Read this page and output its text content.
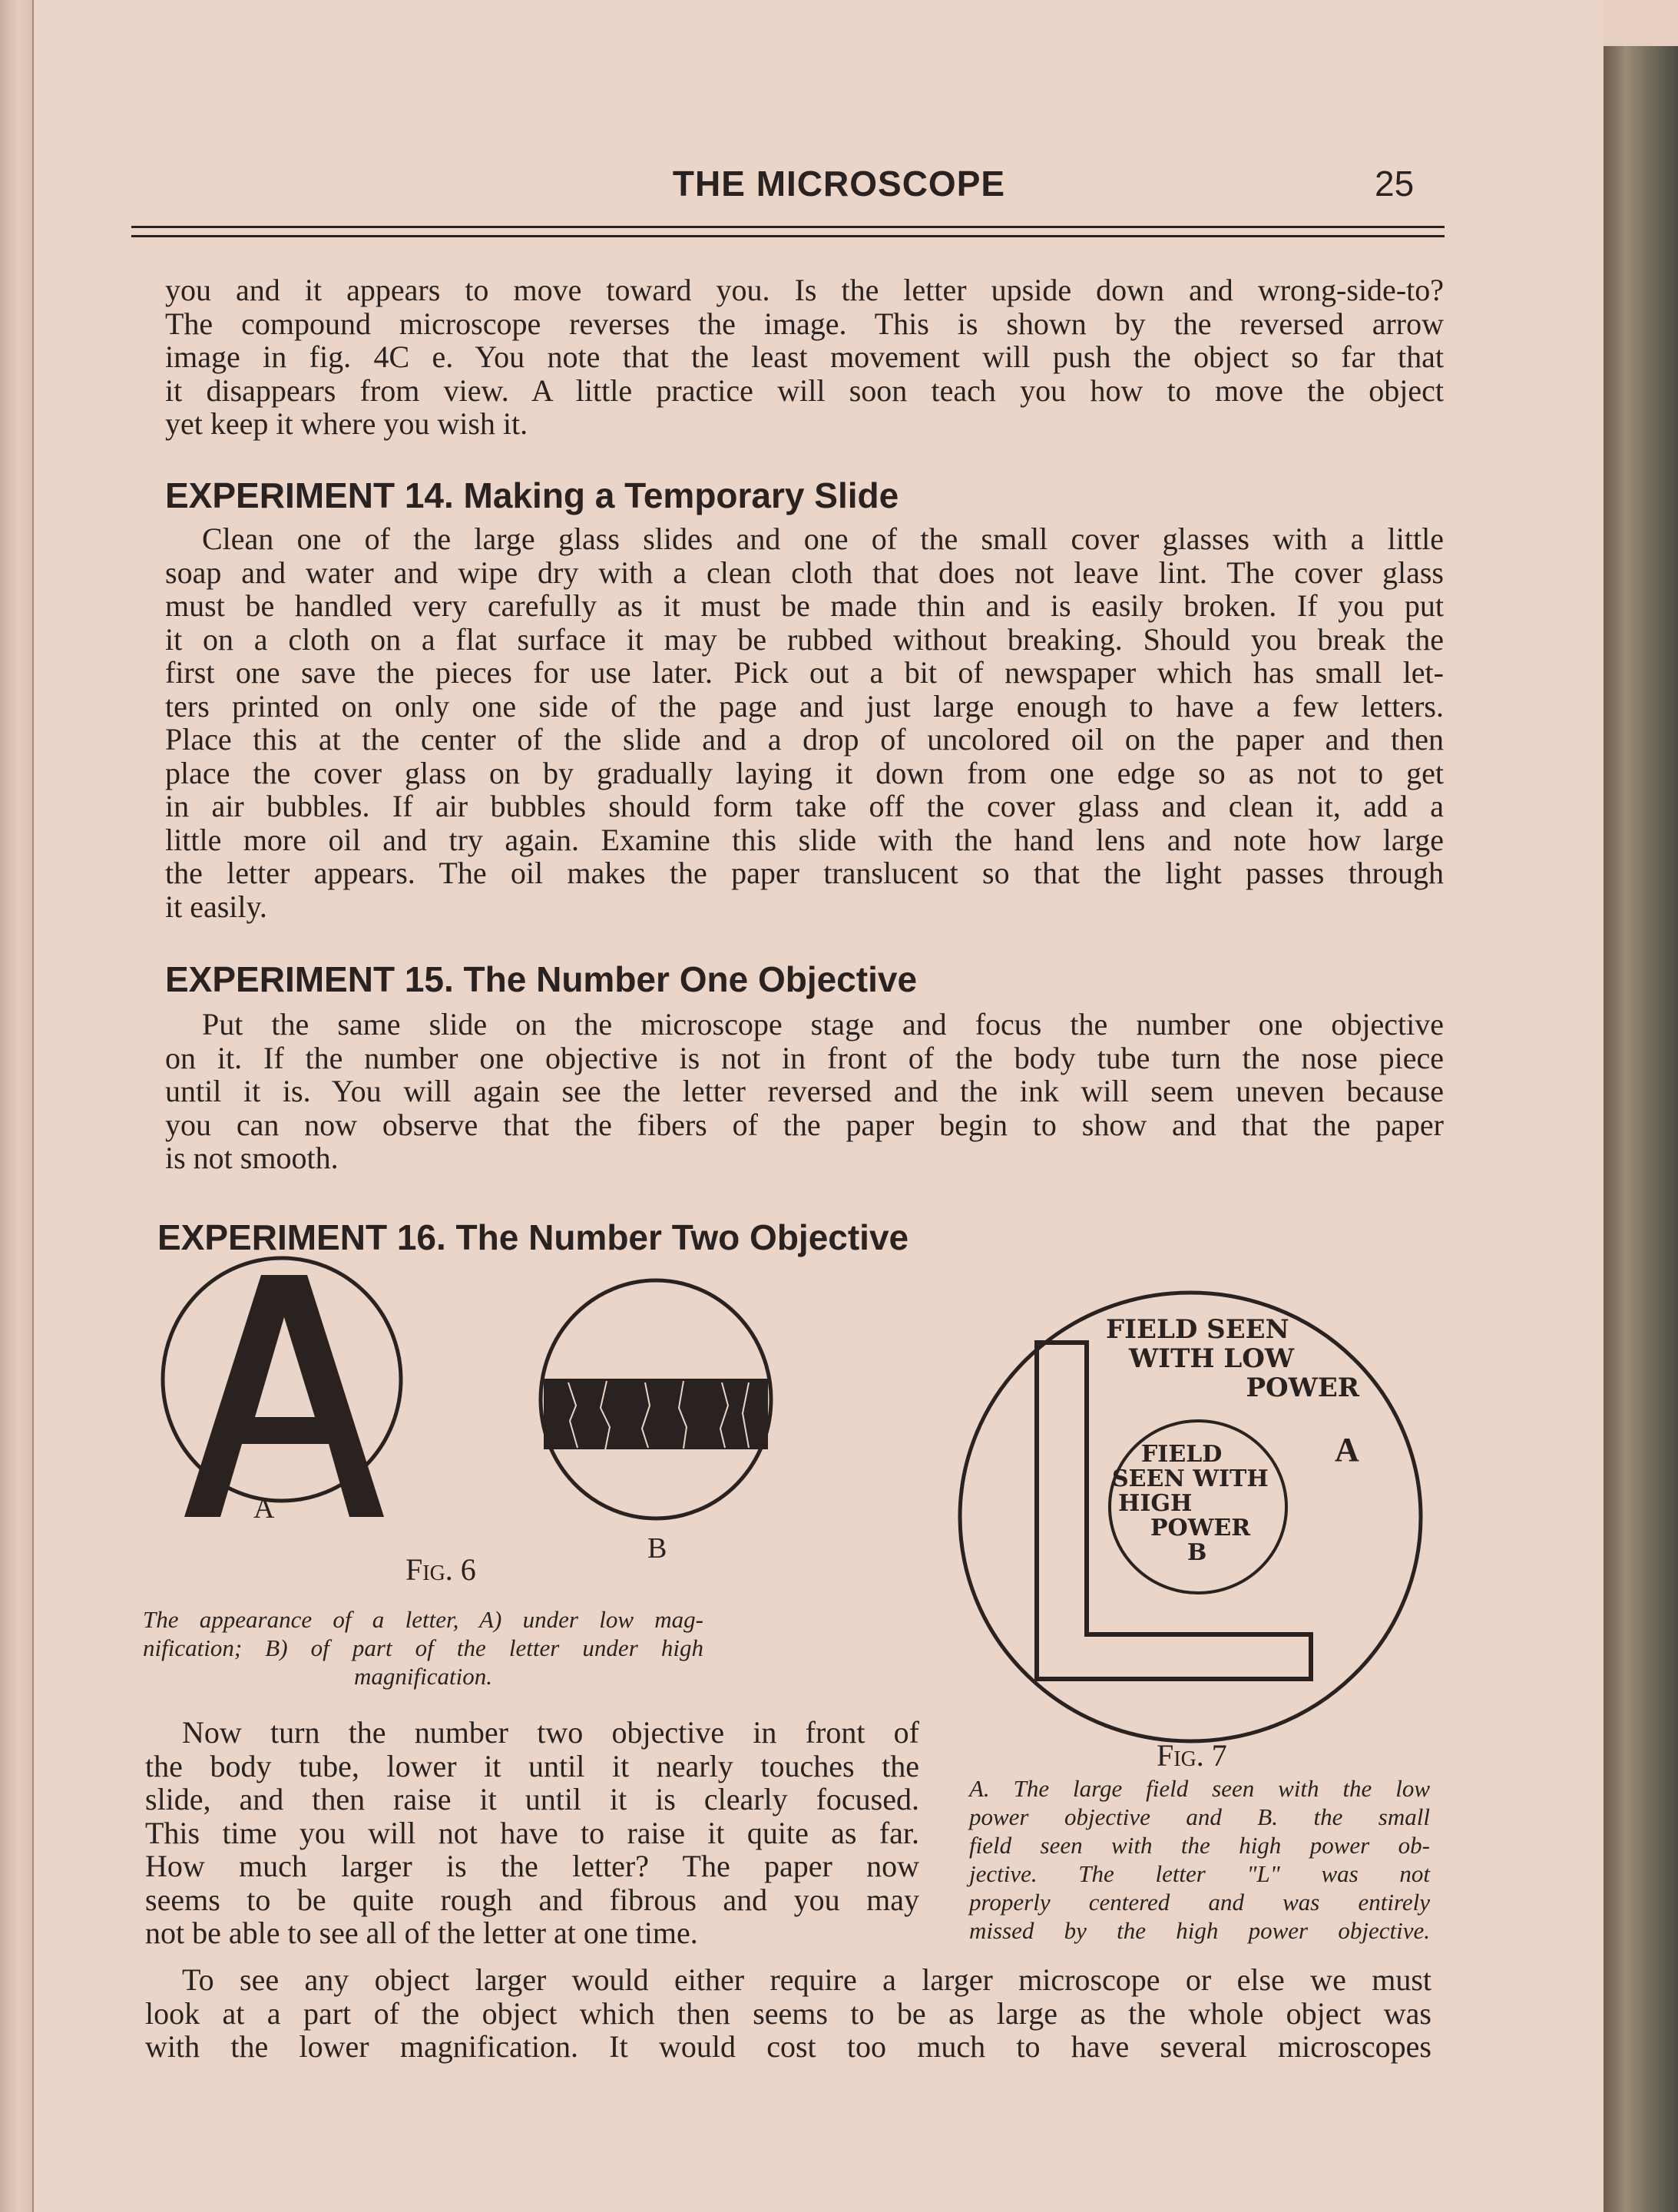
THE MICROSCOPE	25
you and it appears to move toward you. Is the letter upside down and wrong-side-to?
The compound microscope reverses the image. This is shown by the reversed arrow
image in fig. 4C e. You note that the least movement will push the object so far that
it disappears from view. A little practice will soon teach you how to move the object
yet keep it where you wish it.
EXPERIMENT 14. Making a Temporary Slide
Clean one of the large glass slides and one of the small cover glasses with a little
soap and water and wipe dry with a clean cloth that does not leave lint. The cover glass
must be handled very carefully as it must be made thin and is easily broken. If you put
it on a cloth on a flat surface it may be rubbed without breaking. Should you break the
first one save the pieces for use later. Pick out a bit of newspaper which has small let-
ters printed on only one side of the page and just large enough to have a few letters.
Place this at the center of the slide and a drop of uncolored oil on the paper and then
place the cover glass on by gradually laying it down from one edge so as not to get
in air bubbles. If air bubbles should form take off the cover glass and clean it, add a
little more oil and try again. Examine this slide with the hand lens and note how large
the letter appears. The oil makes the paper translucent so that the light passes through
it easily.
EXPERIMENT 15. The Number One Objective
Put the same slide on the microscope stage and focus the number one objective
on it. If the number one objective is not in front of the body tube turn the nose piece
until it is. You will again see the letter reversed and the ink will seem uneven because
you can now observe that the fibers of the paper begin to show and that the paper
is not smooth.
EXPERIMENT 16. The Number Two Objective
A
B
Fig. 6
The appearance of a letter, A) under low mag-
nification; B) of part of the letter under high
magnification.
FIELD SEEN
WITH LOW
POWER
A
FIELD
SEEN WITH
HIGH
POWER
B
Fig. 7
A. The large field seen with the low
power objective and B. the small
field seen with the high power ob-
jective. The letter "L" was not
properly centered and was entirely
missed by the high power objective.
Now turn the number two objective in front of
the body tube, lower it until it nearly touches the
slide, and then raise it until it is clearly focused.
This time you will not have to raise it quite as far.
How much larger is the letter? The paper now
seems to be quite rough and fibrous and you may
not be able to see all of the letter at one time.
To see any object larger would either require a larger microscope or else we must
look at a part of the object which then seems to be as large as the whole object was
with the lower magnification. It would cost too much to have several microscopes
